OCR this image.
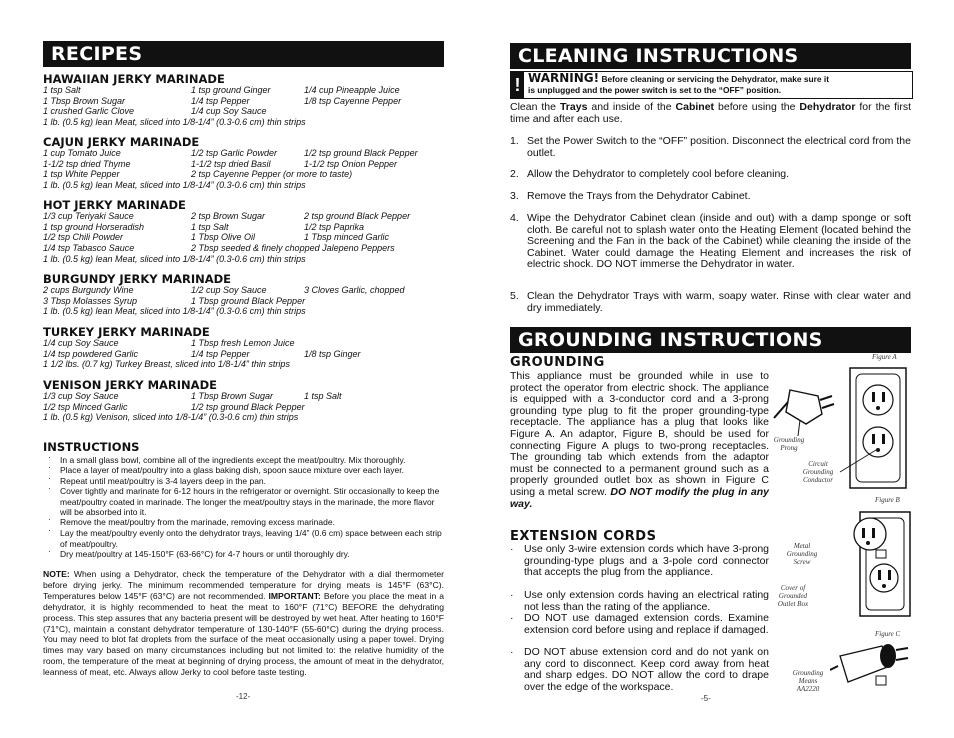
RECIPES
HAWAIIAN JERKY MARINADE
1 tsp Salt	1 tsp ground Ginger	1/4 cup Pineapple Juice
1 Tbsp Brown Sugar	1/4 tsp Pepper	1/8 tsp Cayenne Pepper
1 crushed Garlic Clove	1/4 cup Soy Sauce
1 lb. (0.5 kg) lean Meat, sliced into 1/8-1/4” (0.3-0.6 cm) thin strips
CAJUN JERKY MARINADE
1 cup Tomato Juice	1/2 tsp Garlic Powder	1/2 tsp ground Black Pepper
1-1/2 tsp dried Thyme	1-1/2 tsp dried Basil	1-1/2 tsp Onion Pepper
1 tsp White Pepper	2 tsp Cayenne Pepper (or more to taste)
1 lb. (0.5 kg) lean Meat, sliced into 1/8-1/4” (0.3-0.6 cm) thin strips
HOT JERKY MARINADE
1/3 cup Teriyaki Sauce	2 tsp Brown Sugar	2 tsp ground Black Pepper
1 tsp ground Horseradish	1 tsp Salt	1/2 tsp Paprika
1/2 tsp Chili Powder	1 Tbsp Olive Oil	1 Tbsp minced Garlic
1/4 tsp Tabasco Sauce	2 Tbsp seeded & finely chopped Jalepeno Peppers
1 lb. (0.5 kg) lean Meat, sliced into 1/8-1/4” (0.3-0.6 cm) thin strips
BURGUNDY JERKY MARINADE
2 cups Burgundy Wine	1/2 cup Soy Sauce	3 Cloves Garlic, chopped
3 Tbsp Molasses Syrup	1 Tbsp ground Black Pepper
1 lb. (0.5 kg) lean Meat, sliced into 1/8-1/4” (0.3-0.6 cm) thin strips
TURKEY JERKY MARINADE
1/4 cup Soy Sauce	1 Tbsp fresh Lemon Juice
1/4 tsp powdered Garlic	1/4 tsp Pepper	1/8 tsp Ginger
1 1/2 lbs. (0.7 kg) Turkey Breast, sliced into 1/8-1/4” thin strips
VENISON JERKY MARINADE
1/3 cup Soy Sauce	1 Tbsp Brown Sugar	1 tsp Salt
1/2 tsp Minced Garlic	1/2 tsp ground Black Pepper
1 lb. (0.5 kg) Venison, sliced into 1/8-1/4” (0.3-0.6 cm) thin strips
INSTRUCTIONS
· In a small glass bowl, combine all of the ingredients except the meat/poultry. Mix thoroughly.
· Place a layer of meat/poultry into a glass baking dish, spoon sauce mixture over each layer.
· Repeat until meat/poultry is 3-4 layers deep in the pan.
· Cover tightly and marinate for 6-12 hours in the refrigerator or overnight. Stir occasionally to keep the meat/poultry coated in marinade. The longer the meat/poultry stays in the marinade, the more flavor will be absorbed into it.
· Remove the meat/poultry from the marinade, removing excess marinade.
· Lay the meat/poultry evenly onto the dehydrator trays, leaving 1/4” (0.6 cm) space between each strip of meat/poultry.
· Dry meat/poultry at 145-150°F (63-66°C) for 4-7 hours or until thoroughly dry.
NOTE: When using a Dehydrator, check the temperature of the Dehydrator with a dial thermometer before drying jerky. The minimum recommended temperature for drying meats is 145°F (63°C). Temperatures below 145°F (63°C) are not recommended. IMPORTANT: Before you place the meat in a dehydrator, it is highly recommended to heat the meat to 160°F (71°C) BEFORE the dehydrating process. This step assures that any bacteria present will be destroyed by wet heat. After heating to 160°F (71°C), maintain a constant dehydrator temperature of 130-140°F (55-60°C) during the drying process. You may need to blot fat droplets from the surface of the meat occasionally using a paper towel. Drying times may vary based on many circumstances including but not limited to: the relative humidity of the room, the temperature of the meat at beginning of drying process, the amount of meat in the dehydrator, leanness of meat, etc. Always allow Jerky to cool before taste testing.
-12-
CLEANING INSTRUCTIONS
! WARNING! Before cleaning or servicing the Dehydrator, make sure it
is unplugged and the power switch is set to the “OFF” position.
Clean the Trays and inside of the Cabinet before using the Dehydrator for the first time and after each use.
1. Set the Power Switch to the “OFF” position. Disconnect the electrical cord from the outlet.
2. Allow the Dehydrator to completely cool before cleaning.
3. Remove the Trays from the Dehydrator Cabinet.
4. Wipe the Dehydrator Cabinet clean (inside and out) with a damp sponge or soft cloth. Be careful not to splash water onto the Heating Element (located behind the Screening and the Fan in the back of the Cabinet) while cleaning the inside of the Cabinet. Water could damage the Heating Element and increases the risk of electric shock. DO NOT immerse the Dehydrator in water.
5. Clean the Dehydrator Trays with warm, soapy water. Rinse with clear water and dry immediately.
GROUNDING INSTRUCTIONS
GROUNDING
This appliance must be grounded while in use to protect the operator from electric shock. The appliance is equipped with a 3-conductor cord and a 3-prong grounding type plug to fit the proper grounding-type receptacle. The appliance has a plug that looks like Figure A. An adaptor, Figure B, should be used for connecting Figure A plugs to two-prong receptacles. The grounding tab which extends from the adaptor must be connected to a permanent ground such as a properly grounded outlet box as shown in Figure C using a metal screw. DO NOT modify the plug in any way.
EXTENSION CORDS
· Use only 3-wire extension cords which have 3-prong grounding-type plugs and a 3-pole cord connector that accepts the plug from the appliance.
· Use only extension cords having an electrical rating not less than the rating of the appliance.
· DO NOT use damaged extension cords. Examine extension cord before using and replace if damaged.
· DO NOT abuse extension cord and do not yank on any cord to disconnect. Keep cord away from heat and sharp edges. DO NOT allow the cord to drape over the edge of the workspace.
-5-
Figure A
Grounding Prong
Circuit Grounding Conductor
Figure B
Metal Grounding Screw
Cover of Grounded Outlet Box
Figure C
Grounding Means AA2220
